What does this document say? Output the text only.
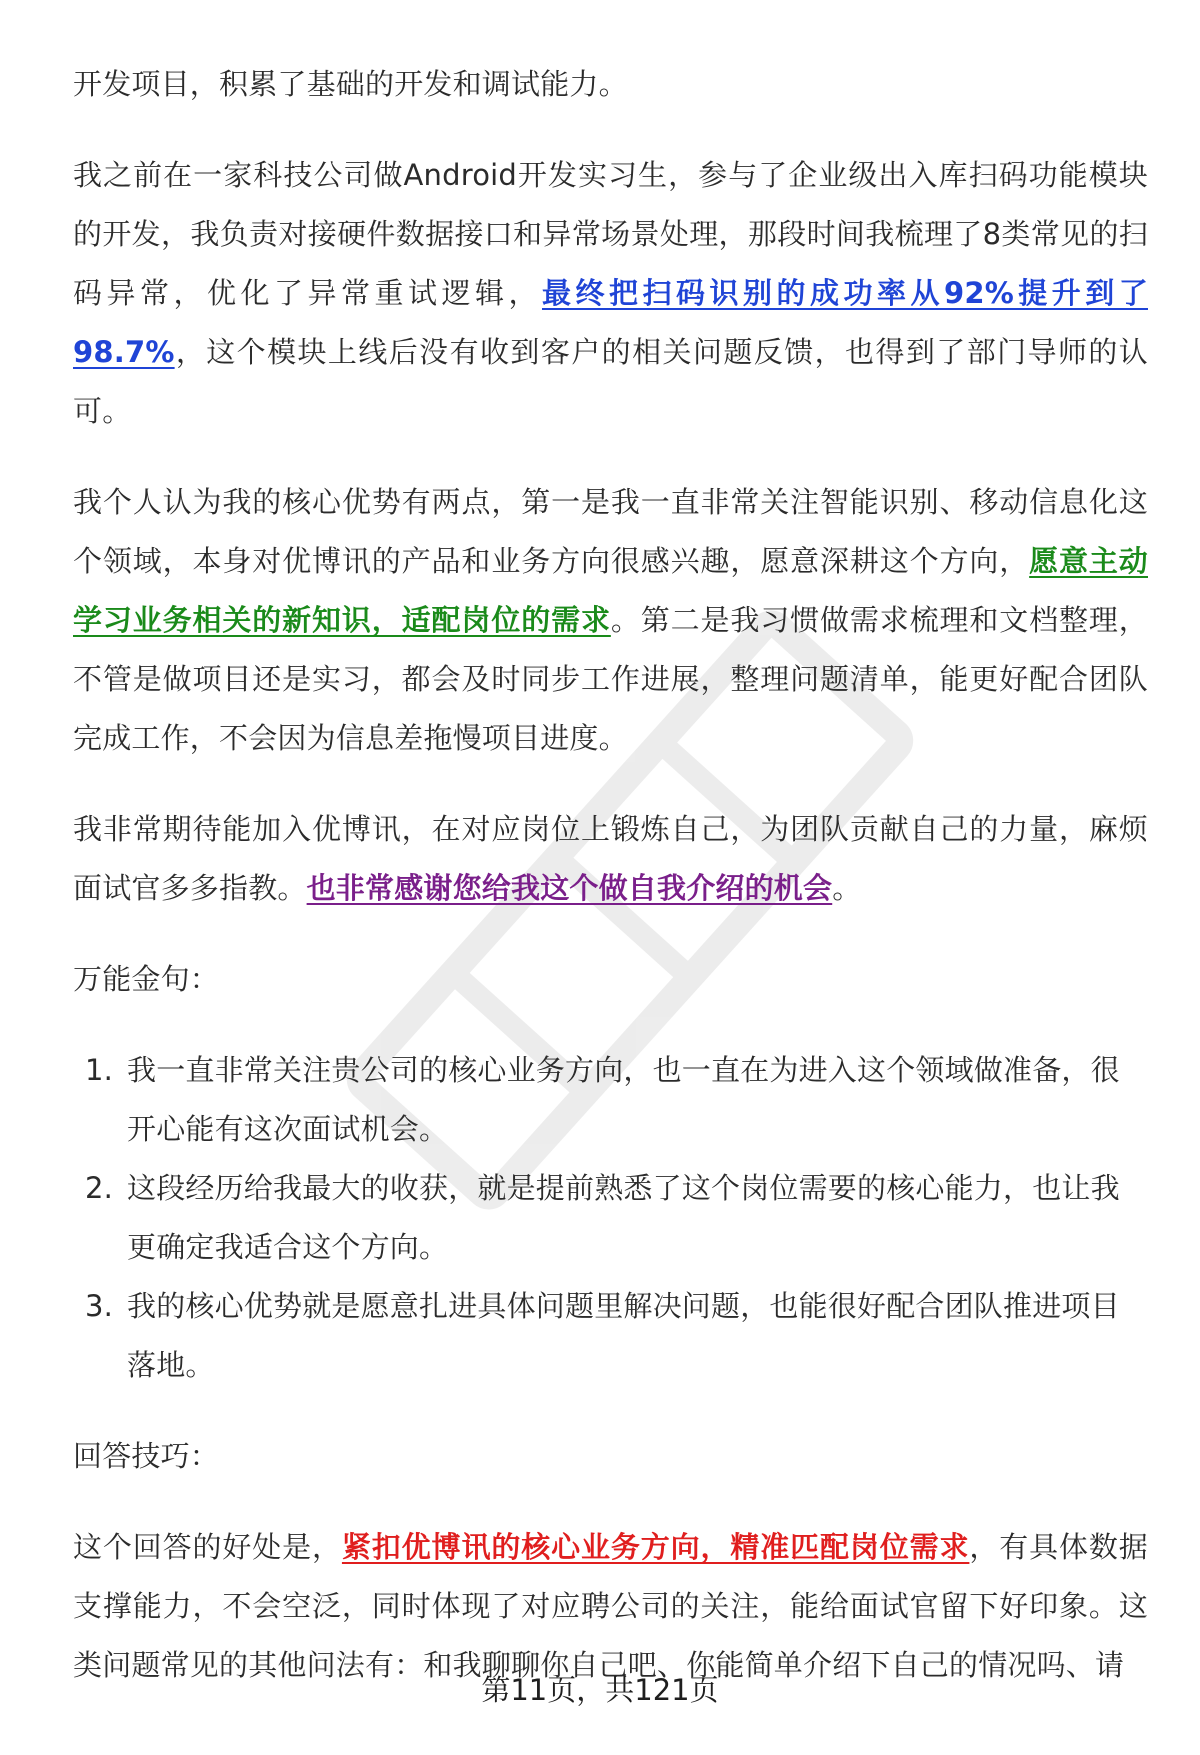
开发项目，积累了基础的开发和调试能力。

我之前在一家科技公司做Android开发实习生，参与了企业级出入库扫码功能模块的开发，我负责对接硬件数据接口和异常场景处理，那段时间我梳理了8类常见的扫码异常，优化了异常重试逻辑，最终把扫码识别的成功率从92%提升到了98.7%，这个模块上线后没有收到客户的相关问题反馈，也得到了部门导师的认可。

我个人认为我的核心优势有两点，第一是我一直非常关注智能识别、移动信息化这个领域，本身对优博讯的产品和业务方向很感兴趣，愿意深耕这个方向，愿意主动学习业务相关的新知识，适配岗位的需求。第二是我习惯做需求梳理和文档整理，不管是做项目还是实习，都会及时同步工作进展，整理问题清单，能更好配合团队完成工作，不会因为信息差拖慢项目进度。

我非常期待能加入优博讯，在对应岗位上锻炼自己，为团队贡献自己的力量，麻烦面试官多多指教。也非常感谢您给我这个做自我介绍的机会。

万能金句：

1. 我一直非常关注贵公司的核心业务方向，也一直在为进入这个领域做准备，很开心能有这次面试机会。
2. 这段经历给我最大的收获，就是提前熟悉了这个岗位需要的核心能力，也让我更确定我适合这个方向。
3. 我的核心优势就是愿意扎进具体问题里解决问题，也能很好配合团队推进项目落地。

回答技巧：

这个回答的好处是，紧扣优博讯的核心业务方向，精准匹配岗位需求，有具体数据支撑能力，不会空泛，同时体现了对应聘公司的关注，能给面试官留下好印象。这类问题常见的其他问法有：和我聊聊你自己吧、你能简单介绍下自己的情况吗、请

第11页，共121页
